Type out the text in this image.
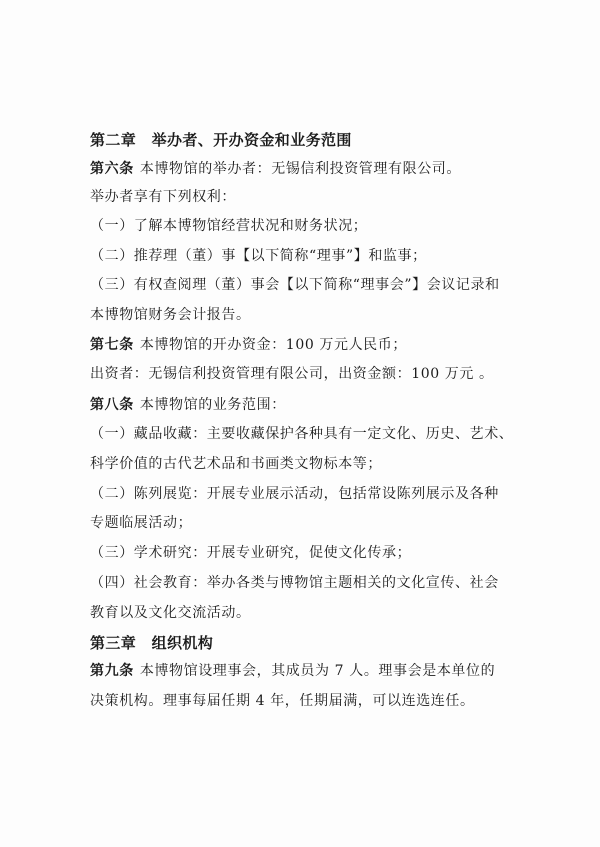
第二章　举办者、开办资金和业务范围
第六条 本博物馆的举办者：无锡信利投资管理有限公司。
举办者享有下列权利：
（一）了解本博物馆经营状况和财务状况；
（二）推荐理（董）事【以下简称“理事”】和监事；
（三）有权查阅理（董）事会【以下简称“理事会”】会议记录和
本博物馆财务会计报告。
第七条 本博物馆的开办资金：100 万元人民币；
出资者：无锡信利投资管理有限公司，出资金额：100 万元 。
第八条 本博物馆的业务范围：
（一）藏品收藏：主要收藏保护各种具有一定文化、历史、艺术、
科学价值的古代艺术品和书画类文物标本等；
（二）陈列展览：开展专业展示活动，包括常设陈列展示及各种
专题临展活动；
（三）学术研究：开展专业研究，促使文化传承；
（四）社会教育：举办各类与博物馆主题相关的文化宣传、社会
教育以及文化交流活动。
第三章　组织机构
第九条 本博物馆设理事会，其成员为 7 人。理事会是本单位的
决策机构。理事每届任期 4 年，任期届满，可以连选连任。
